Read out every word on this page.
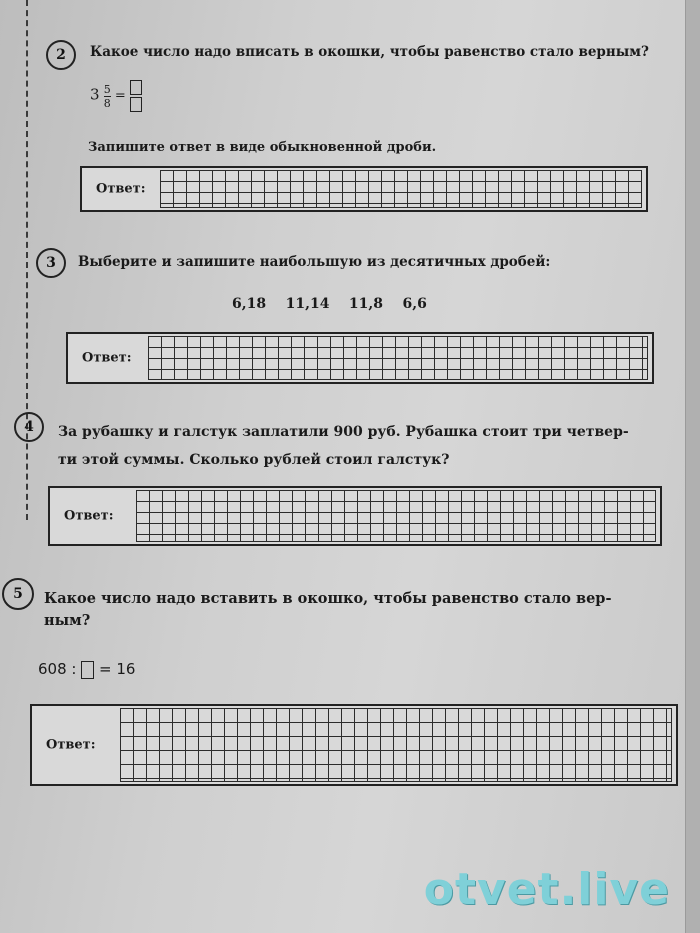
2	Какое число надо вписать в окошки, чтобы равенство стало верным?
$3 \frac{5}{8}$ =
Запишите ответ в виде обыкновенной дроби.
Ответ:
3	Выберите и запишите наибольшую из десятичных дробей:
6,18    11,14    11,8    6,6
Ответ:
4	За рубашку и галстук заплатили 900 руб. Рубашка стоит три четвер-
ти этой суммы. Сколько рублей стоил галстук?
Ответ:
5	Какое число надо вставить в окошко, чтобы равенство стало вер-
ным?
608 : = 16
Ответ:
otvet.live
